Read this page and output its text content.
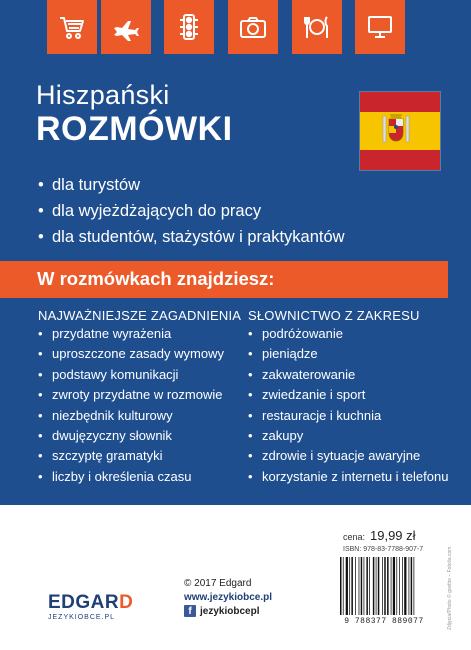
Hiszpański
ROZMÓWKI
• dla turystów
• dla wyjeżdżających do pracy
• dla studentów, stażystów i praktykantów
W rozmówkach znajdziesz:
NAJWAŻNIEJSZE ZAGADNIENIA
• przydatne wyrażenia
• uproszczone zasady wymowy
• podstawy komunikacji
• zwroty przydatne w rozmowie
• niezbędnik kulturowy
• dwujęzyczny słownik
• szczyptę gramatyki
• liczby i określenia czasu
SŁOWNICTWO Z ZAKRESU
• podróżowanie
• pieniądze
• zakwaterowanie
• zwiedzanie i sport
• restauracje i kuchnia
• zakupy
• zdrowie i sytuacje awaryjne
• korzystanie z internetu i telefonu
cena: 19,99 zł
ISBN: 978-83-7788-907-7
9 788377 889077	Zdjęcia/Photo © gosthe – Fotolia.com
EDGARD
JEZYKIOBCE.PL
© 2017 Edgard
www.jezykiobce.pl
f jezykiobcepl
